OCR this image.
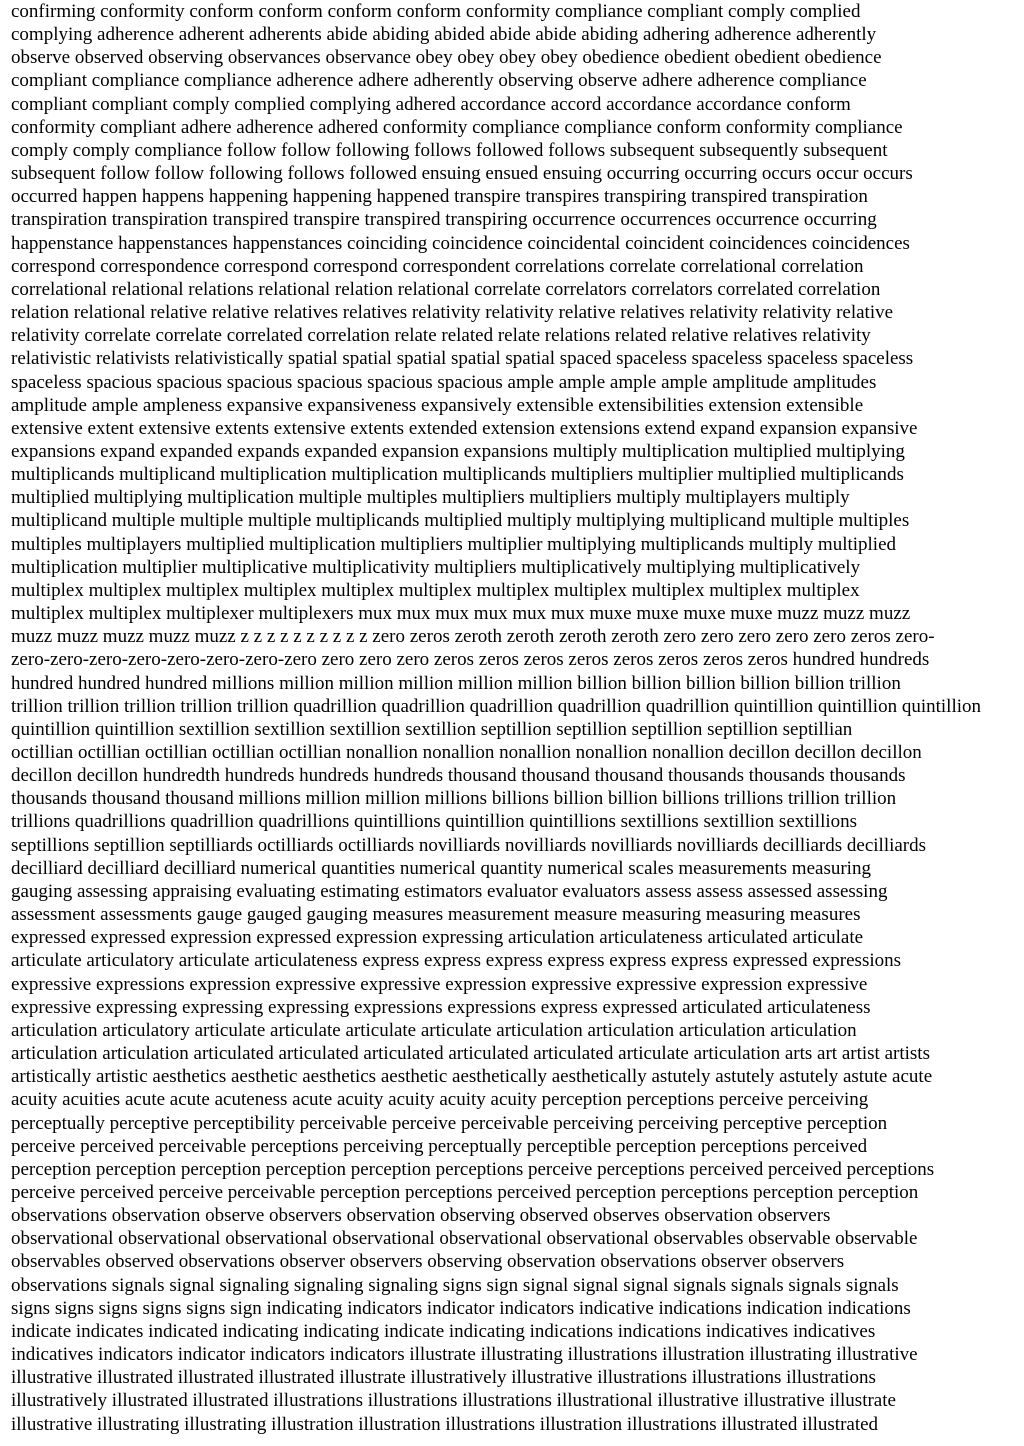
confirming conformity conform conform conform conform conformity compliance compliant comply complied
complying adherence adherent adherents abide abiding abided abide abide abiding adhering adherence adherently
observe observed observing observances observance obey obey obey obey obedience obedient obedient obedience
compliant compliance compliance adherence adhere adherently observing observe adhere adherence compliance
compliant compliant comply complied complying adhered accordance accord accordance accordance conform
conformity compliant adhere adherence adhered conformity compliance compliance conform conformity compliance
comply comply compliance follow follow following follows followed follows subsequent subsequently subsequent
subsequent follow follow following follows followed ensuing ensued ensuing occurring occurring occurs occur occurs
occurred happen happens happening happening happened transpire transpires transpiring transpired transpiration
transpiration transpiration transpired transpire transpired transpiring occurrence occurrences occurrence occurring
happenstance happenstances happenstances coinciding coincidence coincidental coincident coincidences coincidences
correspond correspondence correspond correspond correspondent correlations correlate correlational correlation
correlational relational relations relational relation relational correlate correlators correlators correlated correlation
relation relational relative relative relatives relatives relativity relativity relative relatives relativity relativity relative
relativity correlate correlate correlated correlation relate related relate relations related relative relatives relativity
relativistic relativists relativistically spatial spatial spatial spatial spatial spaced spaceless spaceless spaceless spaceless
spaceless spacious spacious spacious spacious spacious spacious ample ample ample ample amplitude amplitudes
amplitude ample ampleness expansive expansiveness expansively extensible extensibilities extension extensible
extensive extent extensive extents extensive extents extended extension extensions extend expand expansion expansive
expansions expand expanded expands expanded expansion expansions multiply multiplication multiplied multiplying
multiplicands multiplicand multiplication multiplication multiplicands multipliers multiplier multiplied multiplicands
multiplied multiplying multiplication multiple multiples multipliers multipliers multiply multiplayers multiply
multiplicand multiple multiple multiple multiplicands multiplied multiply multiplying multiplicand multiple multiples
multiples multiplayers multiplied multiplication multipliers multiplier multiplying multiplicands multiply multiplied
multiplication multiplier multiplicative multiplicativity multipliers multiplicatively multiplying multiplicatively
multiplex multiplex multiplex multiplex multiplex multiplex multiplex multiplex multiplex multiplex multiplex
multiplex multiplex multiplexer multiplexers mux mux mux mux mux mux muxe muxe muxe muxe muzz muzz muzz
muzz muzz muzz muzz muzz z z z z z z z z z z zero zeros zeroth zeroth zeroth zeroth zero zero zero zero zero zeros zero-
zero-zero-zero-zero-zero-zero-zero-zero zero zero zero zeros zeros zeros zeros zeros zeros zeros zeros hundred hundreds
hundred hundred hundred millions million million million million million billion billion billion billion billion trillion
trillion trillion trillion trillion trillion quadrillion quadrillion quadrillion quadrillion quadrillion quintillion quintillion quintillion
quintillion quintillion sextillion sextillion sextillion sextillion septillion septillion septillion septillion septillian
octillian octillian octillian octillian octillian nonallion nonallion nonallion nonallion nonallion decillon decillon decillon
decillon decillon hundredth hundreds hundreds hundreds thousand thousand thousand thousands thousands thousands
thousands thousand thousand millions million million millions billions billion billion billions trillions trillion trillion
trillions quadrillions quadrillion quadrillions quintillions quintillion quintillions sextillions sextillion sextillions
septillions septillion septilliards octilliards octilliards novilliards novilliards novilliards novilliards decilliards decilliards
decilliard decilliard decilliard numerical quantities numerical quantity numerical scales measurements measuring
gauging assessing appraising evaluating estimating estimators evaluator evaluators assess assess assessed assessing
assessment assessments gauge gauged gauging measures measurement measure measuring measuring measures
expressed expressed expression expressed expression expressing articulation articulateness articulated articulate
articulate articulatory articulate articulateness express express express express express express expressed expressions
expressive expressions expression expressive expressive expression expressive expressive expression expressive
expressive expressing expressing expressing expressions expressions express expressed articulated articulateness
articulation articulatory articulate articulate articulate articulate articulation articulation articulation articulation
articulation articulation articulated articulated articulated articulated articulated articulate articulation arts art artist artists
artistically artistic aesthetics aesthetic aesthetics aesthetic aesthetically aesthetically astutely astutely astutely astute acute
acuity acuities acute acute acuteness acute acuity acuity acuity acuity perception perceptions perceive perceiving
perceptually perceptive perceptibility perceivable perceive perceivable perceiving perceiving perceptive perception
perceive perceived perceivable perceptions perceiving perceptually perceptible perception perceptions perceived
perception perception perception perception perception perceptions perceive perceptions perceived perceived perceptions
perceive perceived perceive perceivable perception perceptions perceived perception perceptions perception perception
observations observation observe observers observation observing observed observes observation observers
observational observational observational observational observational observational observables observable observable
observables observed observations observer observers observing observation observations observer observers
observations signals signal signaling signaling signaling signs sign signal signal signal signals signals signals signals
signs signs signs signs signs sign indicating indicators indicator indicators indicative indications indication indications
indicate indicates indicated indicating indicating indicate indicating indications indications indicatives indicatives
indicatives indicators indicator indicators indicators illustrate illustrating illustrations illustration illustrating illustrative
illustrative illustrated illustrated illustrated illustrate illustratively illustrative illustrations illustrations illustrations
illustratively illustrated illustrated illustrations illustrations illustrations illustrational illustrative illustrative illustrate
illustrative illustrating illustrating illustration illustration illustrations illustration illustrations illustrated illustrated
